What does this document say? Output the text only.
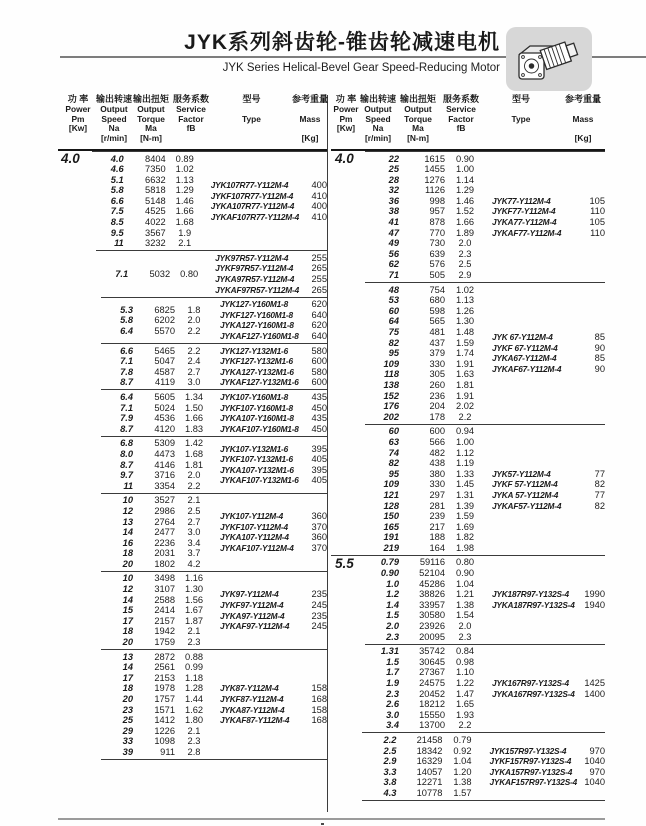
JYK系列斜齿轮-锥齿轮减速电机
JYK Series Helical-Bevel Gear Speed-Reducing Motor
功 率
Power
Pm
[Kw]
输出转速
Output
Speed
Na
[r/min]
输出扭矩
Output
Torque
Ma
[N-m]
服务系数
Service
Factor
fB
型号

Type
参考重量

Mass

[Kg]
4.0	4.0	8404	0.89
4.6	7350	1.02
5.1	6632	1.13
5.8	5818	1.29
6.6	5148	1.46
7.5	4525	1.66
8.5	4022	1.68
9.5	3567	1.9
11	3232	2.1
JYK107R77-Y112M-4	400
JYKF107R77-Y112M-4	410
JYKA107R77-Y112M-4	400
JYKAF107R77-Y112M-4	410
7.1	5032	0.80
JYK97R57-Y112M-4	255
JYKF97R57-Y112M-4	265
JYKA97R57-Y112M-4	255
JYKAF97R57-Y112M-4	265
5.3	6825	1.8
5.8	6202	2.0
6.4	5570	2.2
JYK127-Y160M1-8	620
JYKF127-Y160M1-8	640
JYKA127-Y160M1-8	620
JYKAF127-Y160M1-8	640
6.6	5465	2.2
7.1	5047	2.4
7.8	4587	2.7
8.7	4119	3.0
JYK127-Y132M1-6	580
JYKF127-Y132M1-6	600
JYKA127-Y132M1-6	580
JYKAF127-Y132M1-6	600
6.4	5605	1.34
7.1	5024	1.50
7.9	4536	1.66
8.7	4120	1.83
JYK107-Y160M1-8	435
JYKF107-Y160M1-8	450
JYKA107-Y160M1-8	435
JYKAF107-Y160M1-8	450
6.8	5309	1.42
8.0	4473	1.68
8.7	4146	1.81
9.7	3716	2.0
11	3354	2.2
JYK107-Y132M1-6	395
JYKF107-Y132M1-6	405
JYKA107-Y132M1-6	395
JYKAF107-Y132M1-6	405
10	3527	2.1
12	2986	2.5
13	2764	2.7
14	2477	3.0
16	2236	3.4
18	2031	3.7
20	1802	4.2
JYK107-Y112M-4	360
JYKF107-Y112M-4	370
JYKA107-Y112M-4	360
JYKAF107-Y112M-4	370
10	3498	1.16
12	3107	1.30
14	2588	1.56
15	2414	1.67
17	2157	1.87
18	1942	2.1
20	1759	2.3
JYK97-Y112M-4	235
JYKF97-Y112M-4	245
JYKA97-Y112M-4	235
JYKAF97-Y112M-4	245
13	2872	0.88
14	2561	0.99
17	2153	1.18
18	1978	1.28
20	1757	1.44
23	1571	1.62
25	1412	1.80
29	1226	2.1
33	1098	2.3
39	911	2.8
JYK87-Y112M-4	158
JYKF87-Y112M-4	168
JYKA87-Y112M-4	158
JYKAF87-Y112M-4	168
功 率
Power
Pm
[Kw]
输出转速
Output
Speed
Na
[r/min]
输出扭矩
Output
Torque
Ma
[N-m]
服务系数
Service
Factor
fB
型号

Type
参考重量

Mass

[Kg]
4.0	22	1615	0.90
25	1455	1.00
28	1276	1.14
32	1126	1.29
36	998	1.46
38	957	1.52
41	878	1.66
47	770	1.89
49	730	2.0
56	639	2.3
62	576	2.5
71	505	2.9
JYK77-Y112M-4	105
JYKF77-Y112M-4	110
JYKA77-Y112M-4	105
JYKAF77-Y112M-4	110
48	754	1.02
53	680	1.13
60	598	1.26
64	565	1.30
75	481	1.48
82	437	1.59
95	379	1.74
109	330	1.91
118	305	1.63
138	260	1.81
152	236	1.91
176	204	2.02
202	178	2.2
JYK 67-Y112M-4	85
JYKF 67-Y112M-4	90
JYKA67-Y112M-4	85
JYKAF67-Y112M-4	90
60	600	0.94
63	566	1.00
74	482	1.12
82	438	1.19
95	380	1.33
109	330	1.45
121	297	1.31
128	281	1.39
150	239	1.59
165	217	1.69
191	188	1.82
219	164	1.98
JYK57-Y112M-4	77
JYKF 57-Y112M-4	82
JYKA 57-Y112M-4	77
JYKAF57-Y112M-4	82
5.5	0.79	59116	0.80
0.90	52104	0.90
1.0	45286	1.04
1.2	38826	1.21
1.4	33957	1.38
1.5	30580	1.54
2.0	23926	2.0
2.3	20095	2.3
JYK187R97-Y132S-4	1990
JYKA187R97-Y132S-4	1940
1.31	35742	0.84
1.5	30645	0.98
1.7	27367	1.10
1.9	24575	1.22
2.3	20452	1.47
2.6	18212	1.65
3.0	15550	1.93
3.4	13700	2.2
JYK167R97-Y132S-4	1425
JYKA167R97-Y132S-4	1400
2.2	21458	0.79
2.5	18342	0.92
2.9	16329	1.04
3.3	14057	1.20
3.8	12271	1.38
4.3	10778	1.57
JYK157R97-Y132S-4	970
JYKF157R97-Y132S-4	1040
JYKA157R97-Y132S-4	970
JYKAF157R97-Y132S-4 1040
